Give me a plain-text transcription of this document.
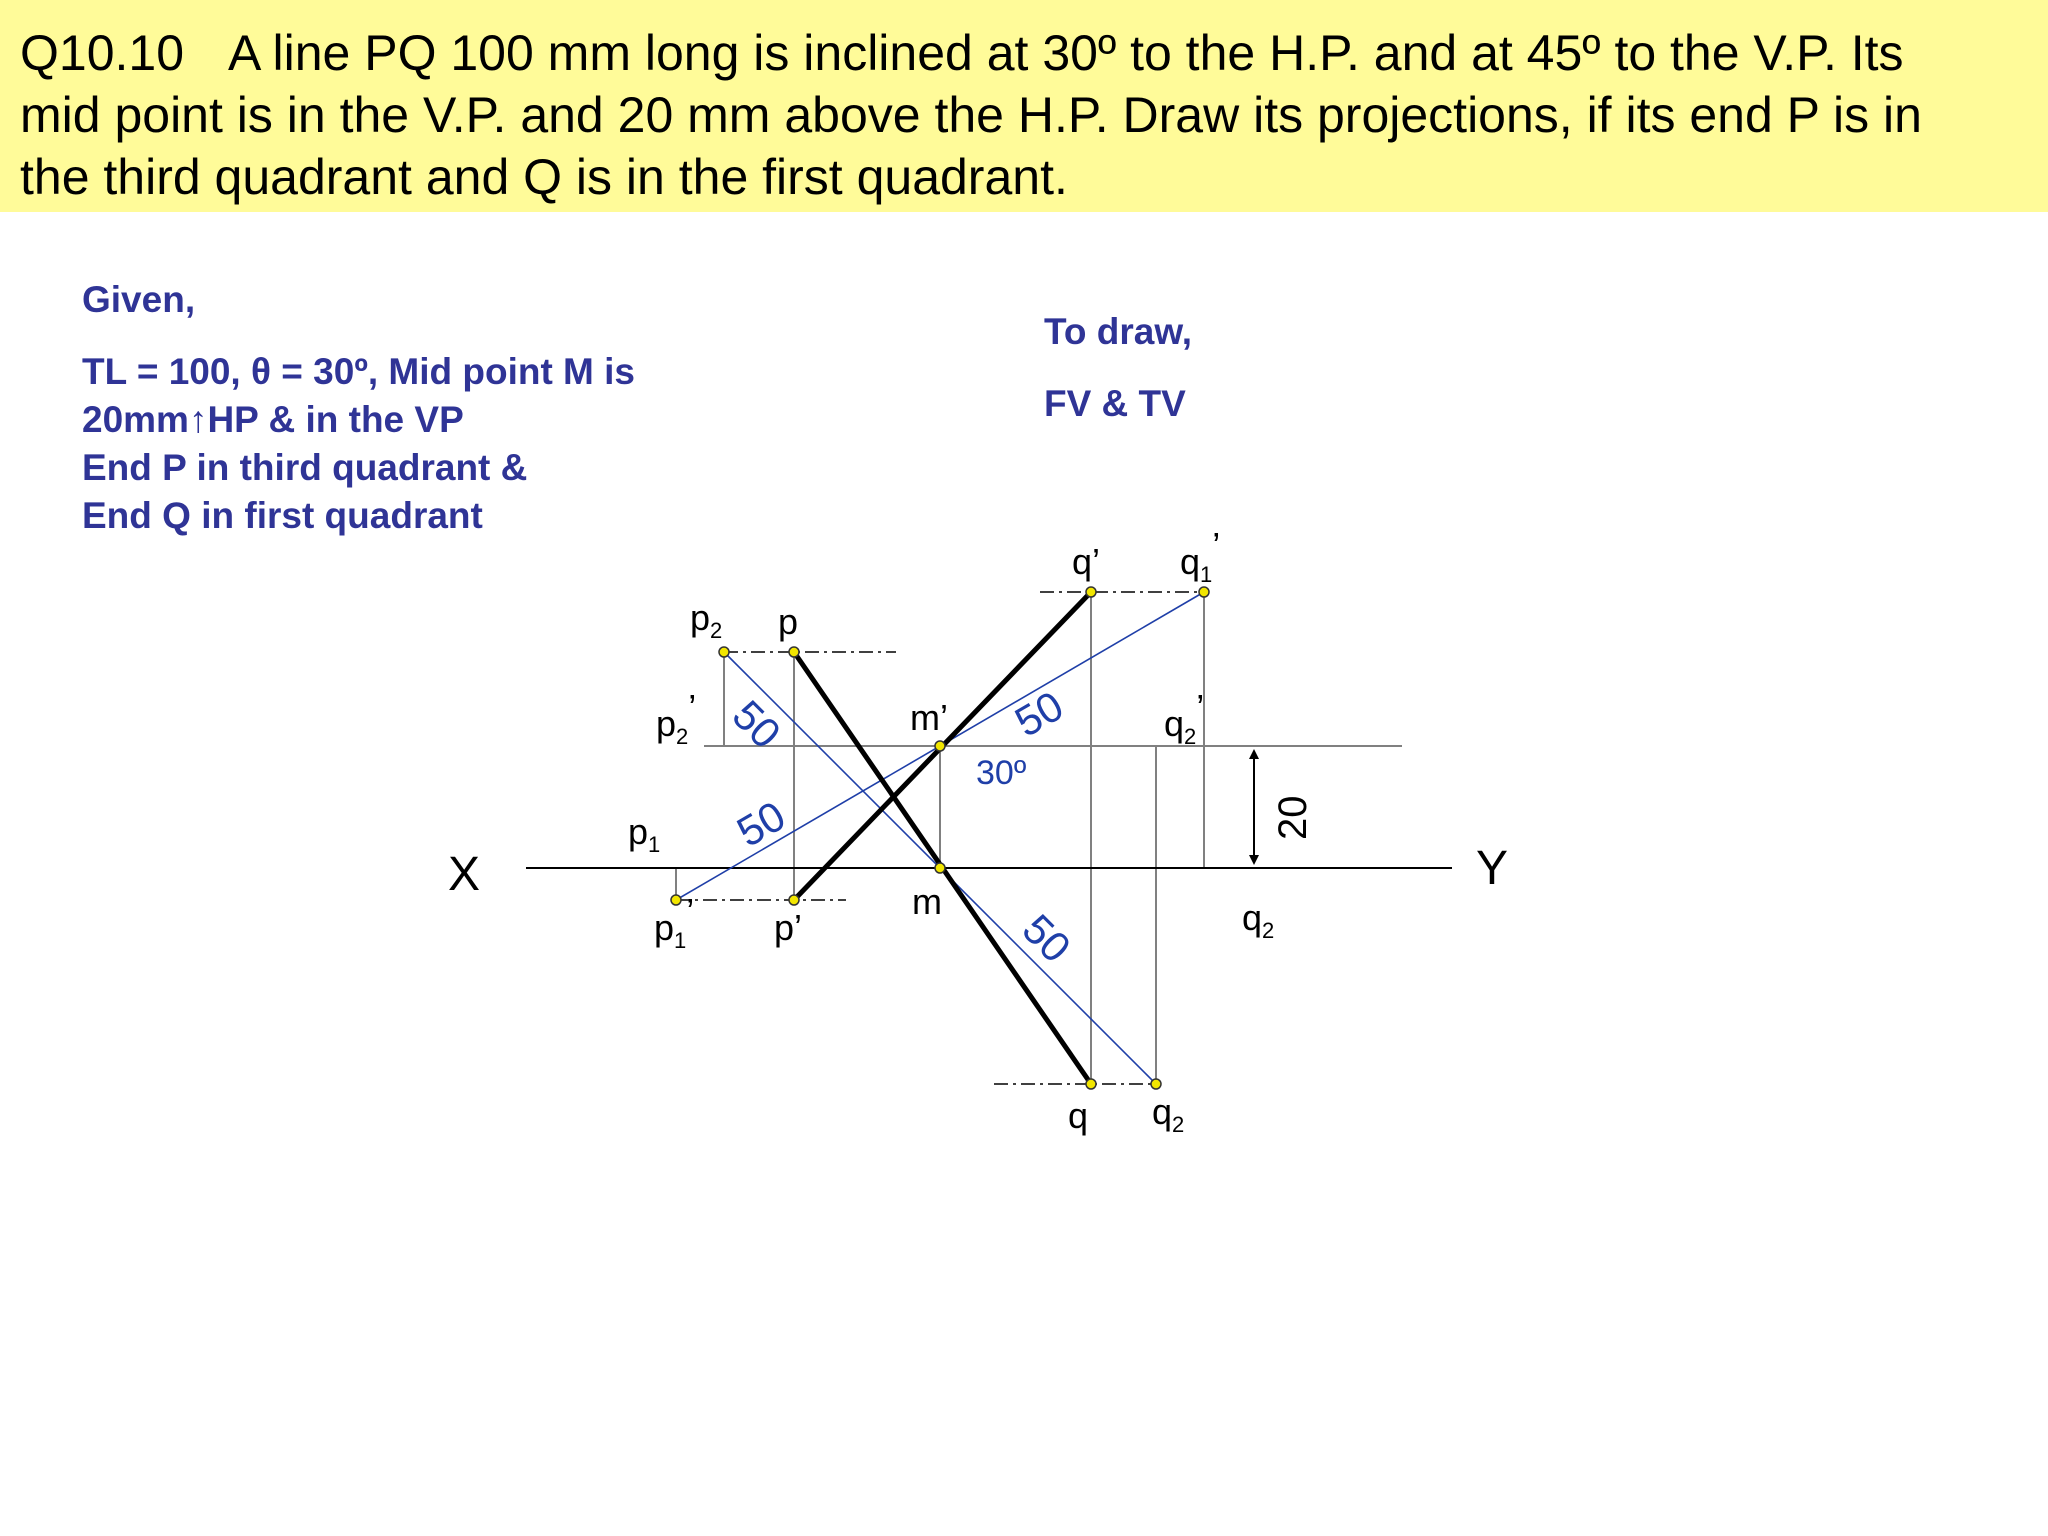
Q10.10 A line PQ 100 mm long is inclined at 30º to the H.P. and at 45º to the V.P. Its
mid point is in the V.P. and 20 mm above the H.P. Draw its projections, if its end P is in
the third quadrant and Q is in the first quadrant.
Given,
TL = 100, θ = 30º, Mid point M is
20mm↑HP & in the VP
End P in third quadrant &
End Q in first quadrant
To draw,
FV & TV
X	Y
q’ $q_1$’
$p_2$ p
$p_2$’	m’	$q_2$’
$p_1$
m
$p_1$’ p’	$q_2$
q $q_2$
50
50
50
50
30º
20
